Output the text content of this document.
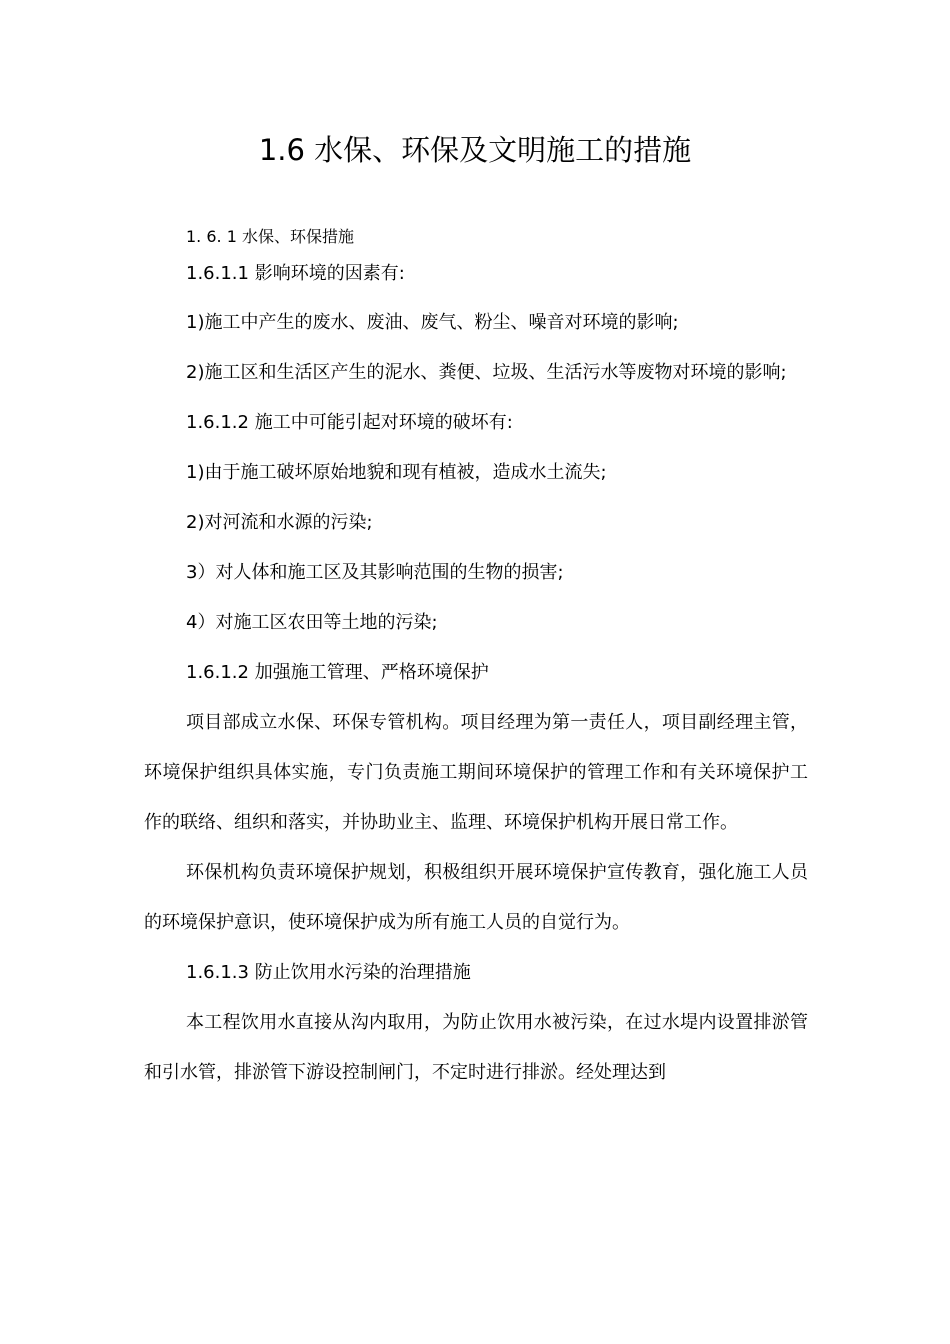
1.6 水保、环保及文明施工的措施

1. 6. 1 水保、环保措施

1.6.1.1 影响环境的因素有:

1)施工中产生的废水、废油、废气、粉尘、噪音对环境的影响;

2)施工区和生活区产生的泥水、粪便、垃圾、生活污水等废物对环境的影响;

1.6.1.2 施工中可能引起对环境的破坏有:

1)由于施工破坏原始地貌和现有植被，造成水土流失;

2)对河流和水源的污染;

3）对人体和施工区及其影响范围的生物的损害;

4）对施工区农田等土地的污染;

1.6.1.2 加强施工管理、严格环境保护

项目部成立水保、环保专管机构。项目经理为第一责任人，项目副经理主管，环境保护组织具体实施，专门负责施工期间环境保护的管理工作和有关环境保护工作的联络、组织和落实，并协助业主、监理、环境保护机构开展日常工作。

环保机构负责环境保护规划，积极组织开展环境保护宣传教育，强化施工人员的环境保护意识，使环境保护成为所有施工人员的自觉行为。

1.6.1.3 防止饮用水污染的治理措施

本工程饮用水直接从沟内取用，为防止饮用水被污染，在过水堤内设置排淤管和引水管，排淤管下游设控制闸门，不定时进行排淤。经处理达到
